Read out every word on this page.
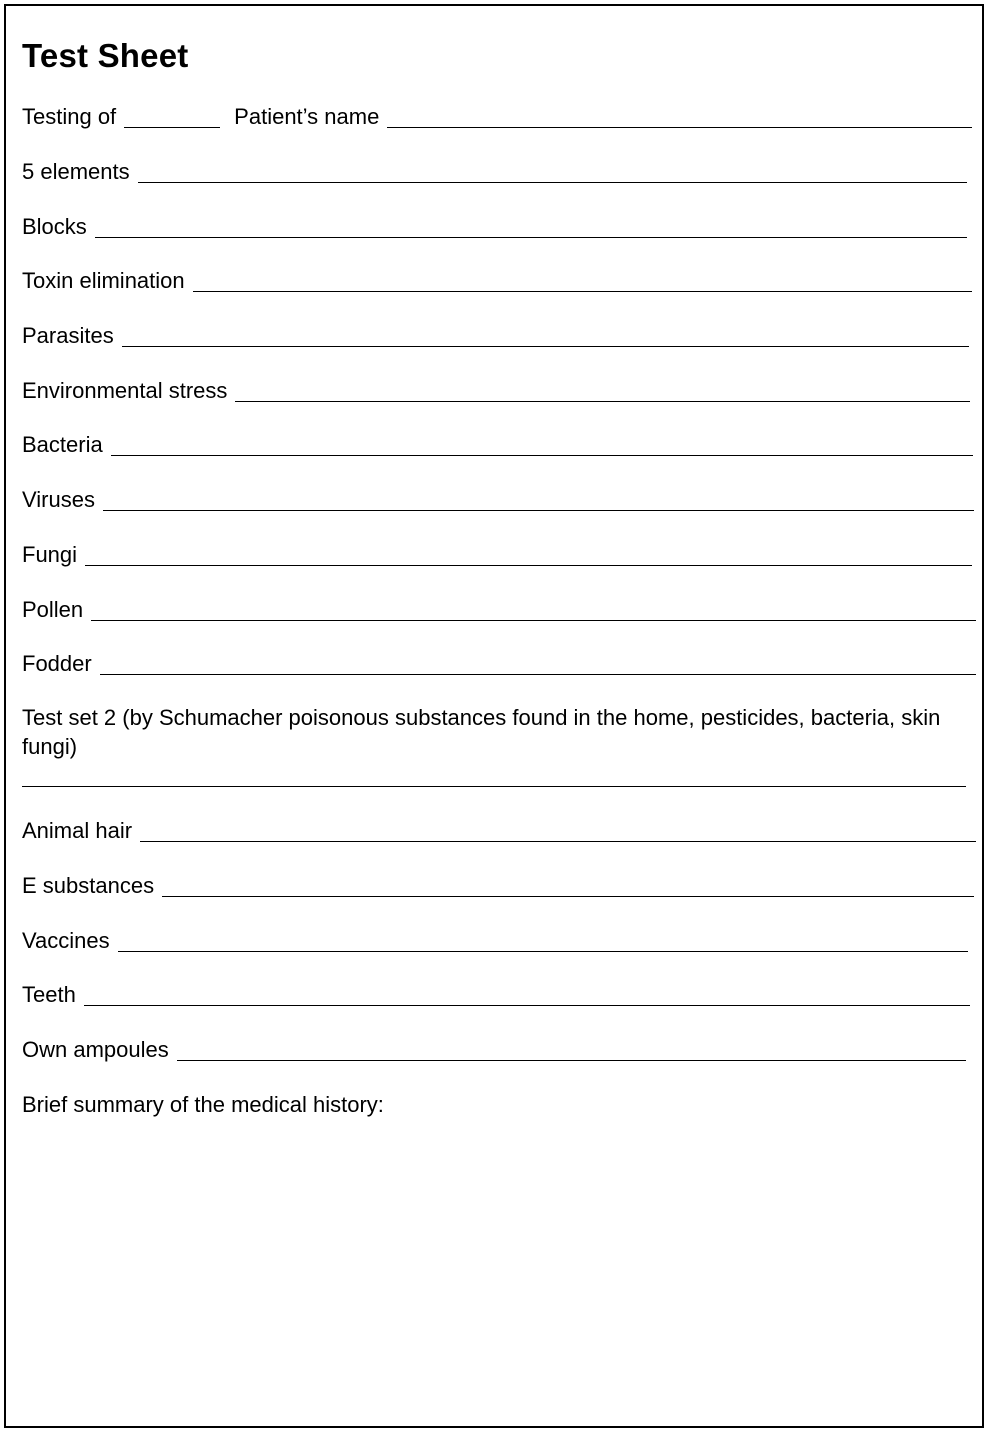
Test Sheet
Testing of	Patient’s name
5 elements
Blocks
Toxin elimination
Parasites
Environmental stress
Bacteria
Viruses
Fungi
Pollen
Fodder
Test set 2 (by Schumacher poisonous substances found in the home, pesticides, bacteria, skin fungi)
Animal hair
E substances
Vaccines
Teeth
Own ampoules
Brief summary of the medical history:
